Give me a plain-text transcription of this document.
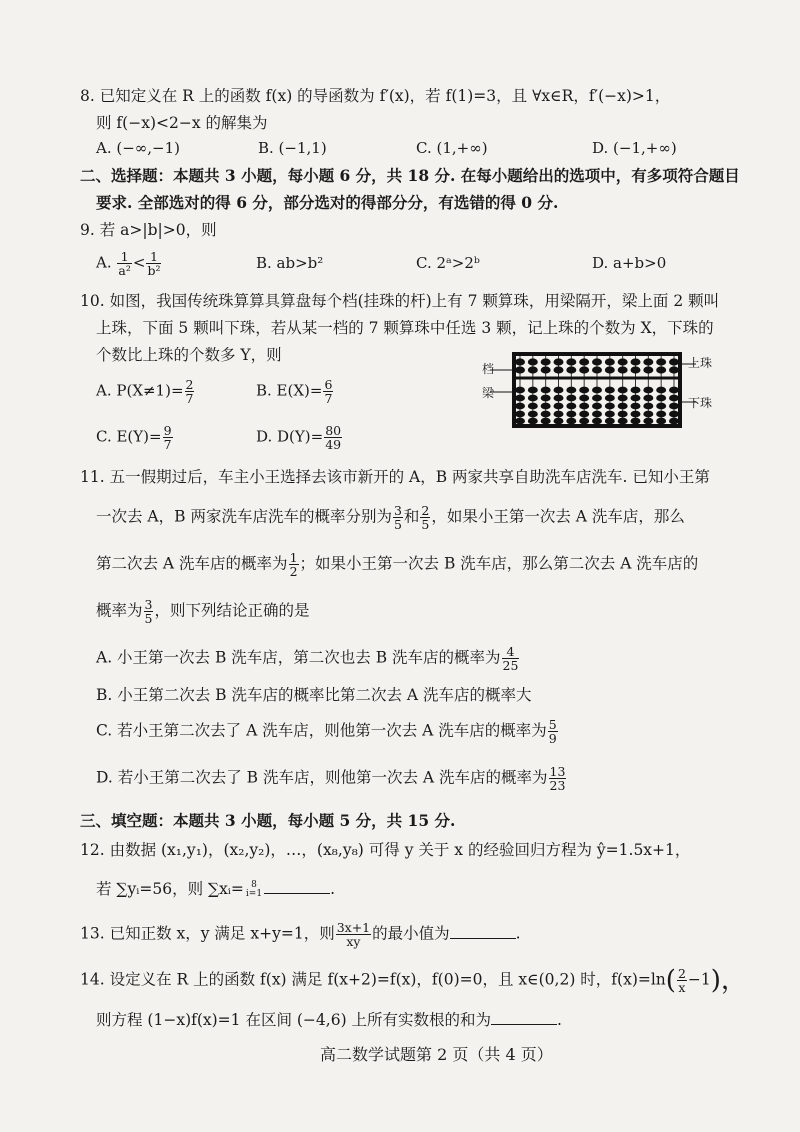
8. 已知定义在 R 上的函数 f(x) 的导函数为 f′(x)，若 f(1)=3，且 ∀x∈R，f′(−x)>1，
则 f(−x)<2−x 的解集为
A. (−∞,−1)	B. (−1,1)	C. (1,+∞)	D. (−1,+∞)
二、选择题：本题共 3 小题，每小题 6 分，共 18 分. 在每小题给出的选项中，有多项符合题目
要求. 全部选对的得 6 分，部分选对的得部分分，有选错的得 0 分.
9. 若 a>|b|>0，则
A. $\frac{1}{\text{a²}} < \frac{1}{\text{b²}}$	B. ab>b²	C. 2ᵃ>2ᵇ	D. a+b>0
10. 如图，我国传统珠算算具算盘每个档(挂珠的杆)上有 7 颗算珠，用梁隔开，梁上面 2 颗叫
上珠，下面 5 颗叫下珠，若从某一档的 7 颗算珠中任选 3 颗，记上珠的个数为 X，下珠的
个数比上珠的个数多 Y，则
A. $P(X\ne 1)= \frac{2}{7}$	B. $E(X)= \frac{6}{7}$
C. $E(Y)= \frac{9}{7}$	D. $D(Y)= \frac{80}{49}$
档
梁
上珠
下珠
11. 五一假期过后，车主小王选择去该市新开的 A，B 两家共享自助洗车店洗车. 已知小王第
一次去 A，B 两家洗车店洗车的概率分别为 $\frac{3}{5}$ 和 $\frac{2}{5}$ ，如果小王第一次去 A 洗车店，那么
第二次去 A 洗车店的概率为 $\frac{1}{2}$ ；如果小王第一次去 B 洗车店，那么第二次去 A 洗车店的
概率为 $\frac{3}{5}$ ，则下列结论正确的是
A. 小王第一次去 B 洗车店，第二次也去 B 洗车店的概率为 $\frac{4}{25}$
B. 小王第二次去 B 洗车店的概率比第二次去 A 洗车店的概率大
C. 若小王第二次去了 A 洗车店，则他第一次去 A 洗车店的概率为 $\frac{5}{9}$
D. 若小王第二次去了 B 洗车店，则他第一次去 A 洗车店的概率为 $\frac{13}{23}$
三、填空题：本题共 3 小题，每小题 5 分，共 15 分.
12. 由数据 (x₁,y₁)，(x₂,y₂)，…，(x₈,y₈) 可得 y 关于 x 的经验回归方程为 ŷ=1.5x+1，
若 ∑yᵢ=56，则 ∑xᵢ= 8
i=1	.
13. 已知正数 x，y 满足 x+y=1，则 $\frac{3x+1}{xy}$ 的最小值为	.
14. 设定义在 R 上的函数 f(x) 满足 f(x+2)=f(x)，f(0)=0，且 x∈(0,2) 时，$f(x)=\ln( \frac{2}{x} -1)$，
则方程 (1−x)f(x)=1 在区间 (−4,6) 上所有实数根的和为	.
高二数学试题第 2 页（共 4 页）
